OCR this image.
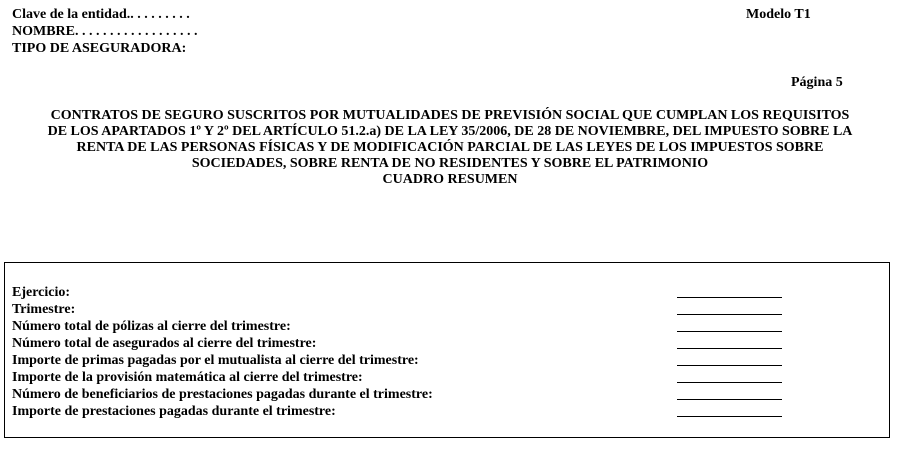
Clave de la entidad.. . . . . . . . .
NOMBRE. . . . . . . . . . . . . . . . . .
TIPO DE ASEGURADORA:
Modelo T1
Página 5
CONTRATOS DE SEGURO SUSCRITOS POR MUTUALIDADES DE PREVISIÓN SOCIAL QUE CUMPLAN LOS REQUISITOS
DE LOS APARTADOS 1º Y 2º DEL ARTÍCULO 51.2.a) DE LA LEY 35/2006, DE 28 DE NOVIEMBRE, DEL IMPUESTO SOBRE LA
RENTA DE LAS PERSONAS FÍSICAS Y DE MODIFICACIÓN PARCIAL DE LAS LEYES DE LOS IMPUESTOS SOBRE
SOCIEDADES, SOBRE RENTA DE NO RESIDENTES Y SOBRE EL PATRIMONIO
CUADRO RESUMEN
Ejercicio:
Trimestre:
Número total de pólizas al cierre del trimestre:
Número total de asegurados al cierre del trimestre:
Importe de primas pagadas por el mutualista al cierre del trimestre:
Importe de la provisión matemática al cierre del trimestre:
Número de beneficiarios de prestaciones pagadas durante el trimestre:
Importe de prestaciones pagadas durante el trimestre:
